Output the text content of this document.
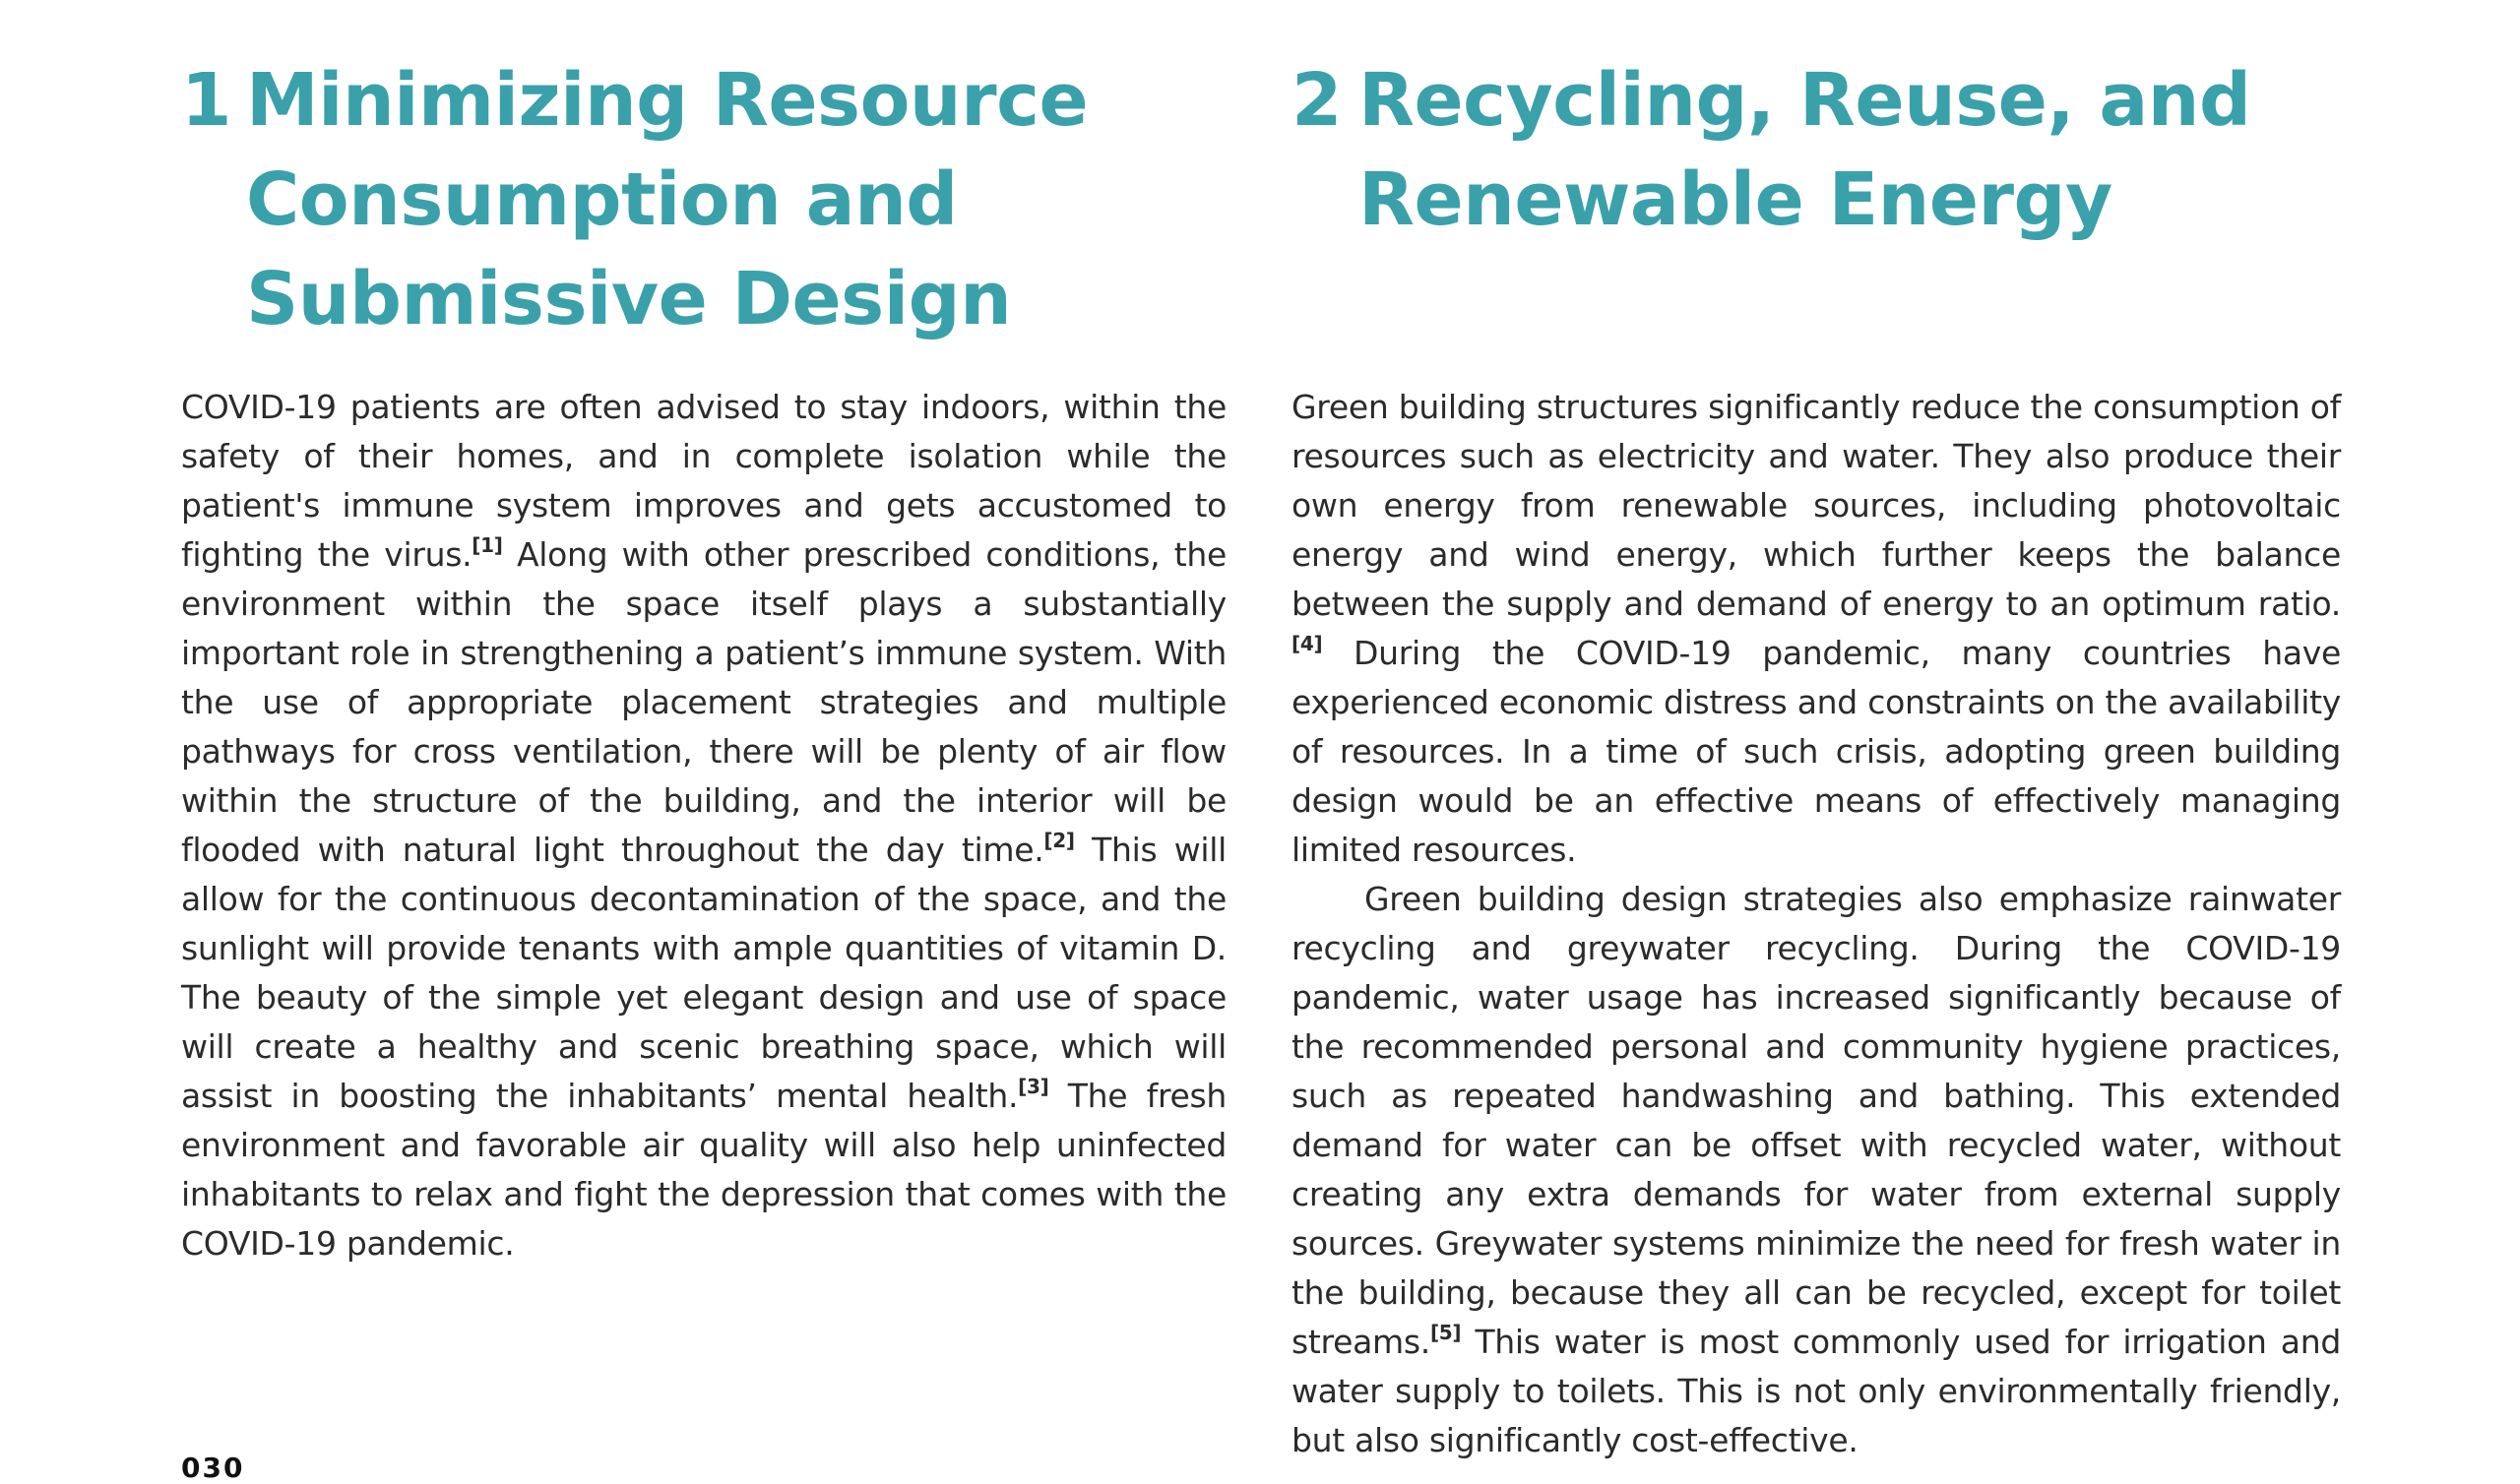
1 Minimizing Resource
Consumption and
Submissive Design

COVID-19 patients are often advised to stay indoors, within the safety of their homes, and in complete isolation while the patient's immune system improves and gets accustomed to fighting the virus.[1] Along with other prescribed conditions, the environment within the space itself plays a substantially important role in strengthening a patient’s immune system. With the use of appropriate placement strategies and multiple pathways for cross ventilation, there will be plenty of air flow within the structure of the building, and the interior will be flooded with natural light throughout the day time.[2] This will allow for the continuous decontamination of the space, and the sunlight will provide tenants with ample quantities of vitamin D. The beauty of the simple yet elegant design and use of space will create a healthy and scenic breathing space, which will assist in boosting the inhabitants’ mental health.[3] The fresh environment and favorable air quality will also help uninfected inhabitants to relax and fight the depression that comes with the COVID-19 pandemic.

2 Recycling, Reuse, and
Renewable Energy

Green building structures significantly reduce the consumption of resources such as electricity and water. They also produce their own energy from renewable sources, including photovoltaic energy and wind energy, which further keeps the balance between the supply and demand of energy to an optimum ratio.[4] During the COVID-19 pandemic, many countries have experienced economic distress and constraints on the availability of resources. In a time of such crisis, adopting green building design would be an effective means of effectively managing limited resources.

Green building design strategies also emphasize rainwater recycling and greywater recycling. During the COVID-19 pandemic, water usage has increased significantly because of the recommended personal and community hygiene practices, such as repeated handwashing and bathing. This extended demand for water can be offset with recycled water, without creating any extra demands for water from external supply sources. Greywater systems minimize the need for fresh water in the building, because they all can be recycled, except for toilet streams.[5] This water is most commonly used for irrigation and water supply to toilets. This is not only environmentally friendly, but also significantly cost-effective.

030
